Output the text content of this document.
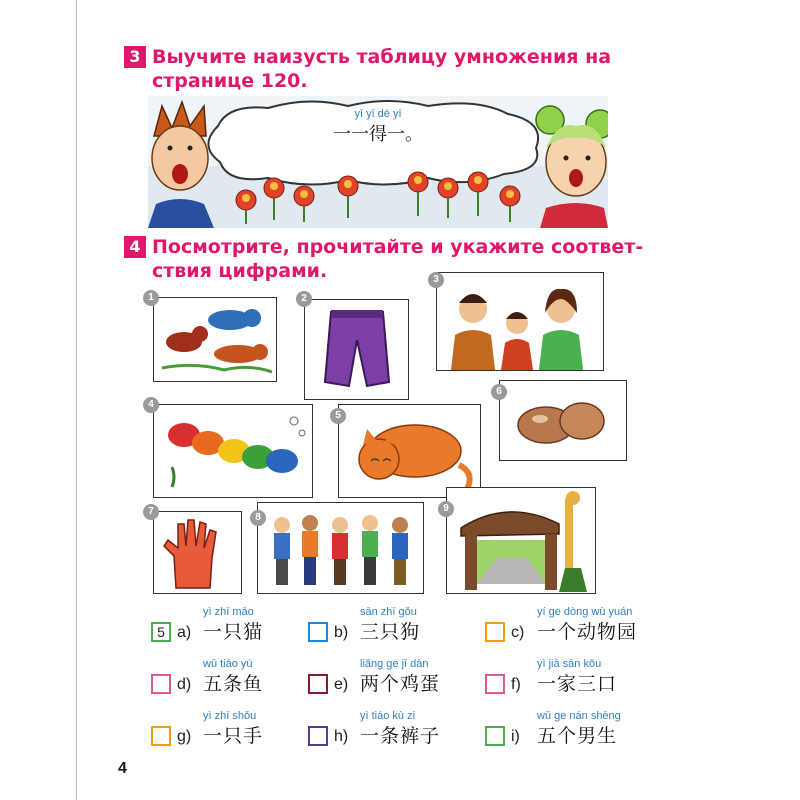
3 Выучите наизусть таблицу умножения на
странице 120.
yī yī dé yī
一一得一。
4 Посмотрите, прочитайте и укажите соответ-
ствия цифрами.
1	2
3
4
5
6
7
8
9
yì zhī māo
5 a) 一只猫
sān zhī gǒu
b) 三只狗
yí ge dòng wù yuán
c) 一个动物园
wǔ tiáo yú
d) 五条鱼
liǎng ge jī dàn
e) 两个鸡蛋
yì jiā sān kǒu
f) 一家三口
yì zhī shǒu
g) 一只手
yì tiáo kù zi
h) 一条裤子
wǔ ge nán shēng
i) 五个男生
4
